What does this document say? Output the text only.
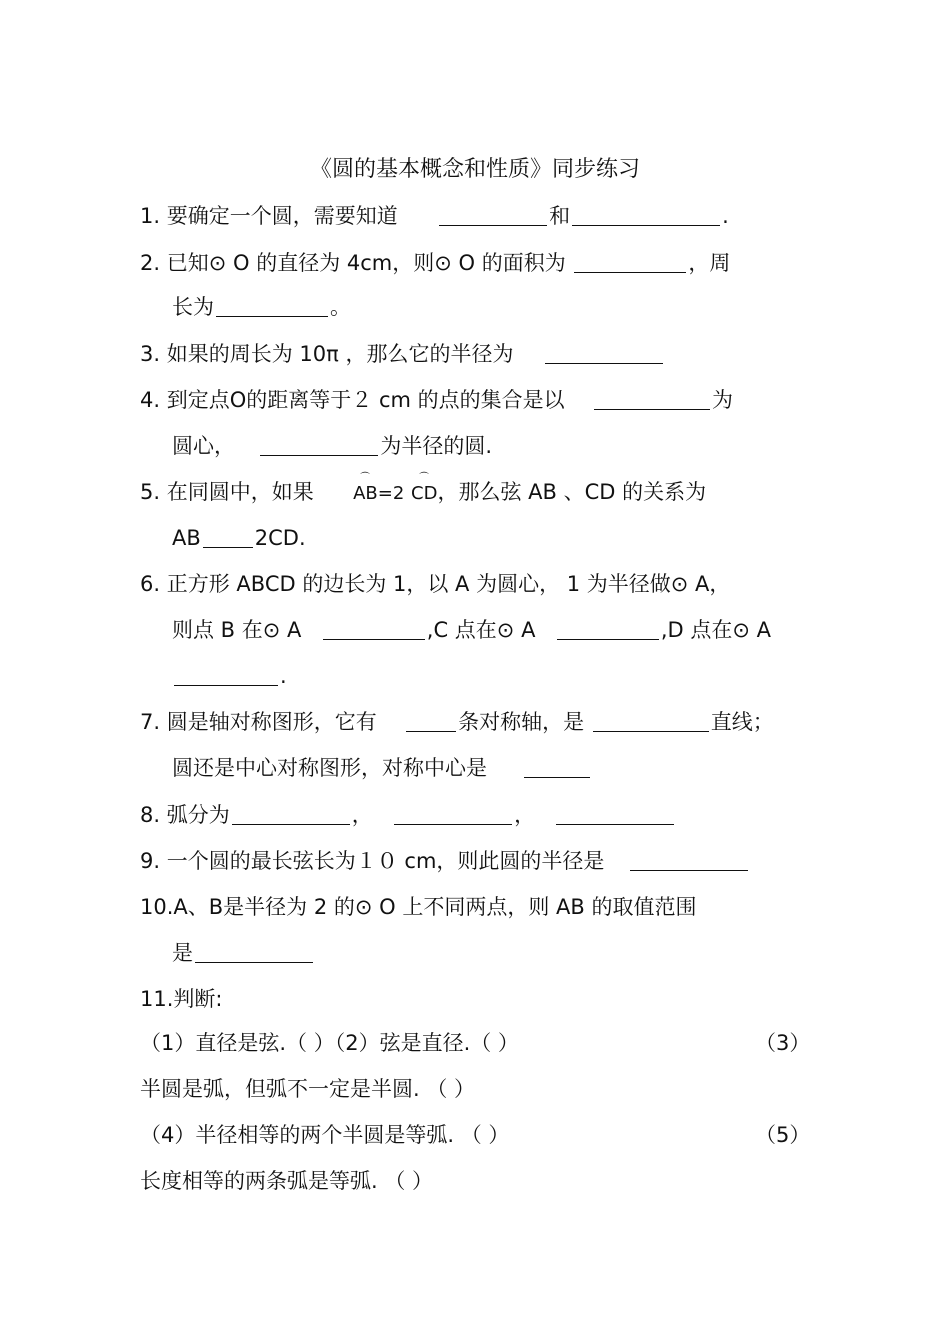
《圆的基本概念和性质》同步练习
1. 要确定一个圆，需要知道	和	.
2. 已知⊙ O 的直径为 4cm，则⊙ O 的面积为	，周
长为	。
3. 如果的周长为 10π ，那么它的半径为
4. 到定点O的距离等于２ cm 的点的集合是以	为
圆心，	为半径的圆.
5. 在同圆中，如果 ⌒ AB=2 ⌒ CD，那么弦 AB 、CD 的关系为
AB	2CD.
6. 正方形 ABCD 的边长为 1，以 A 为圆心， 1 为半径做⊙ A，
则点 B 在⊙ A	,C 点在⊙ A	,D 点在⊙ A
.
7. 圆是轴对称图形，它有	条对称轴，是	直线；
圆还是中心对称图形，对称中心是
8. 弧分为	，	，
9. 一个圆的最长弦长为１０ cm，则此圆的半径是
10.A、B是半径为 2 的⊙ O 上不同两点，则 AB 的取值范围
是
11.判断:
（1）直径是弦.（ ）（2）弦是直径.（ ）	（3）
半圆是弧，但弧不一定是半圆. （ ）
（4）半径相等的两个半圆是等弧. （ ）	（5）
长度相等的两条弧是等弧. （ ）
